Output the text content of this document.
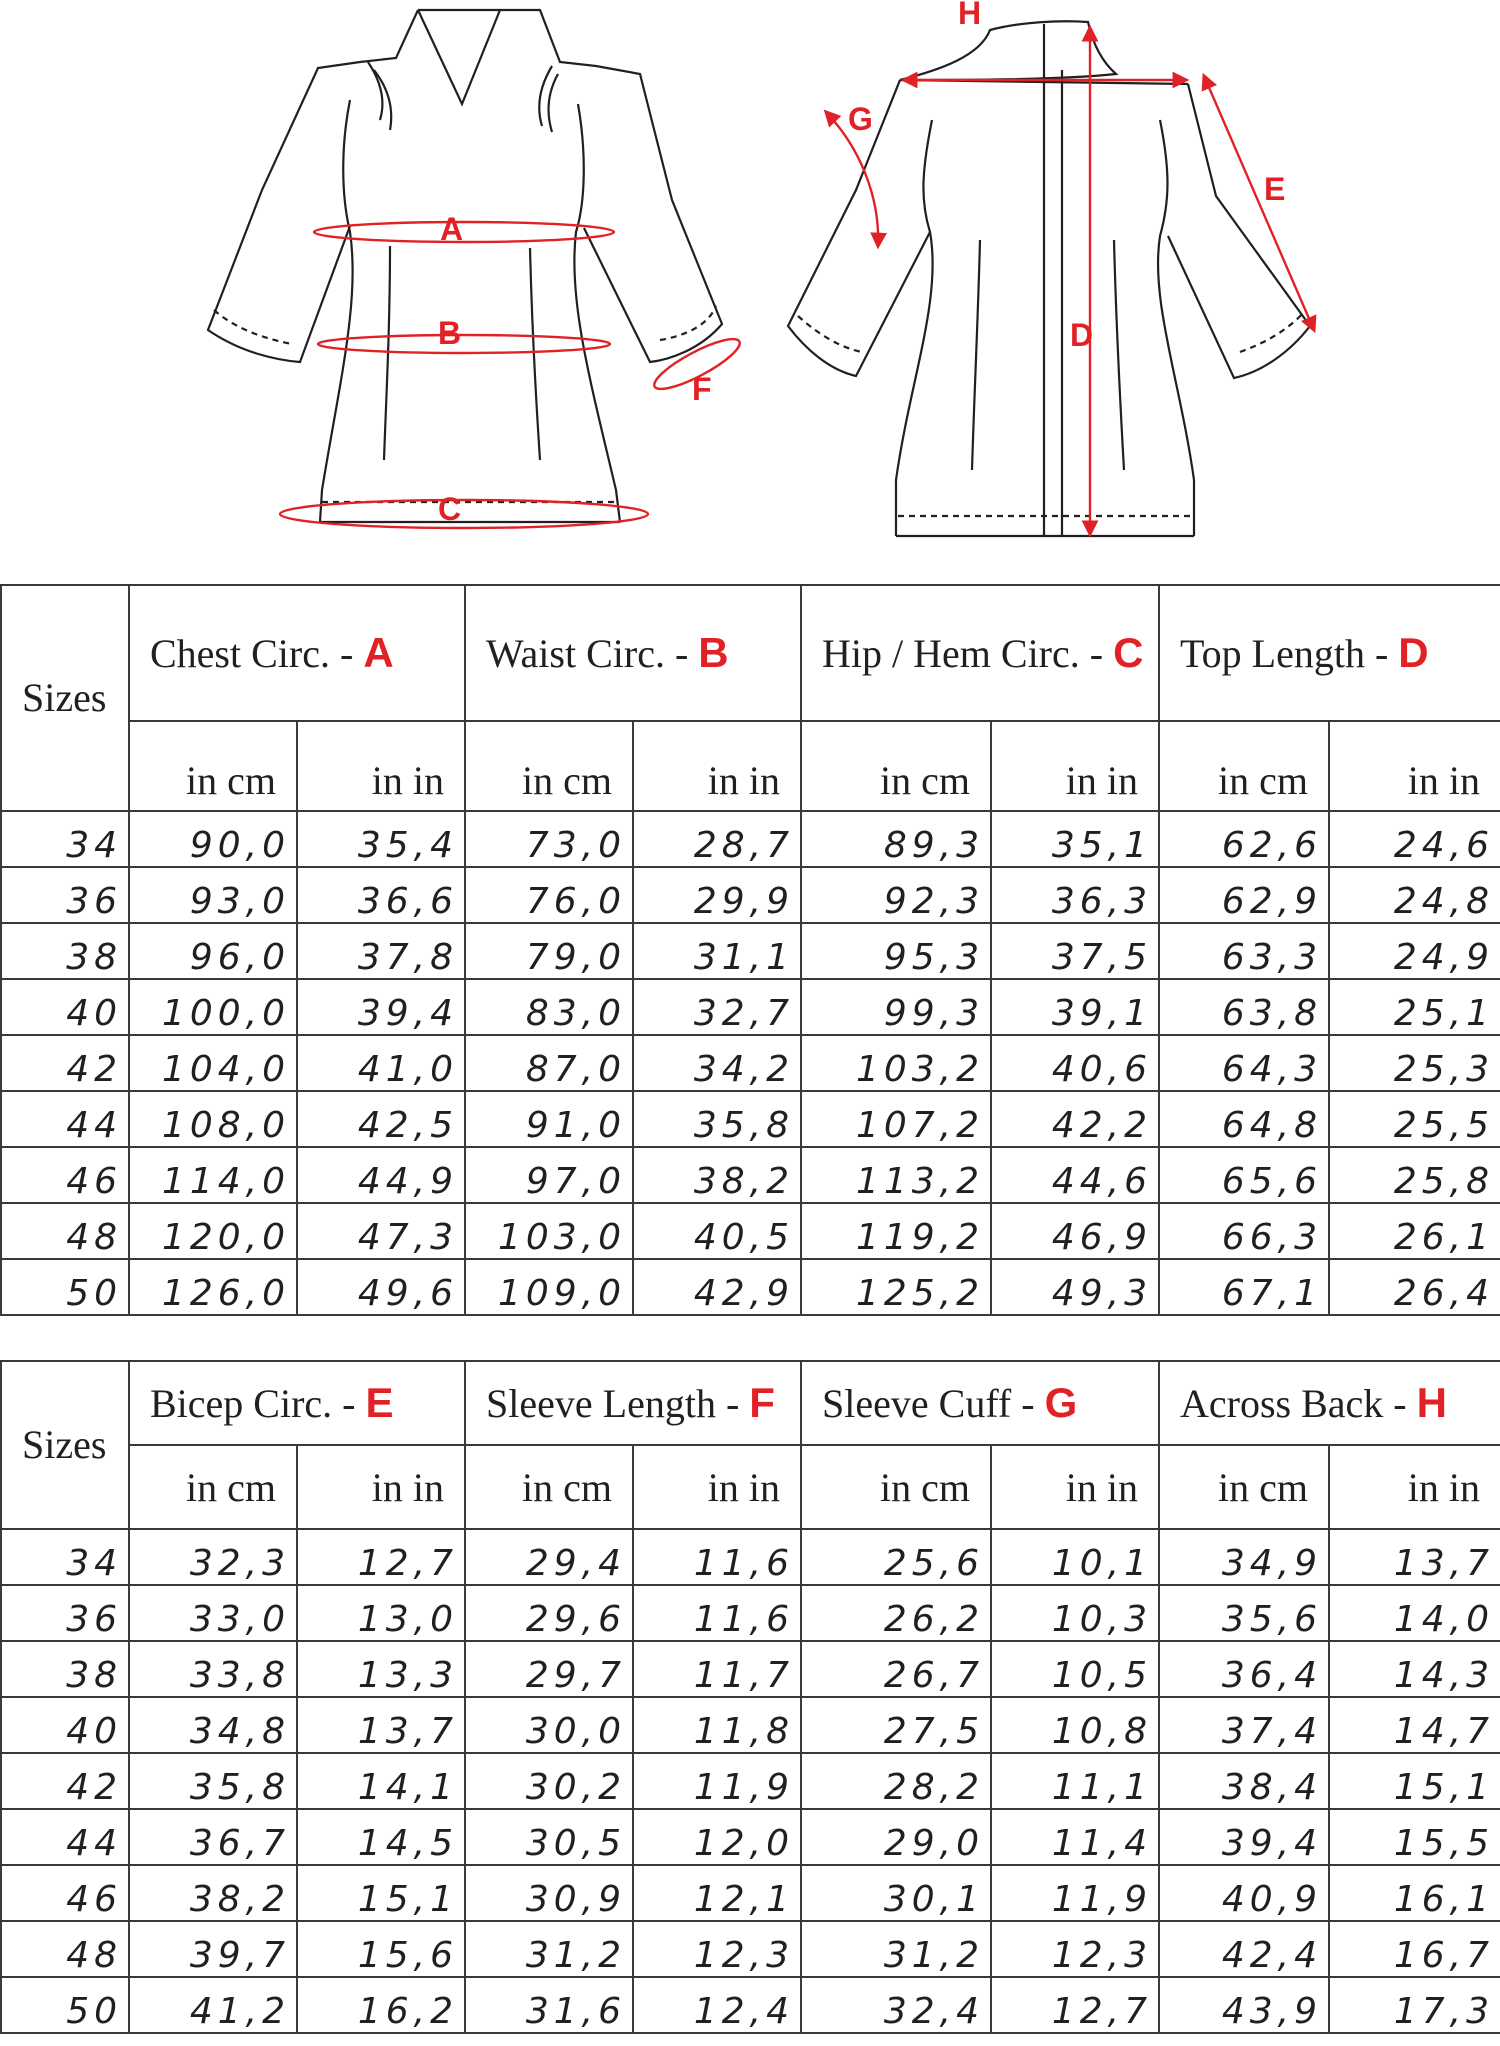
A
B
C
F
H
G
E
D
Sizes	Chest Circ. - A		Waist Circ. - B		Hip / Hem Circ. - C		Top Length - D	
	in cm	in in	in cm	in in	in cm	in in	in cm	in in
34	90,0	35,4	73,0	28,7	89,3	35,1	62,6	24,6
36	93,0	36,6	76,0	29,9	92,3	36,3	62,9	24,8
38	96,0	37,8	79,0	31,1	95,3	37,5	63,3	24,9
40	100,0	39,4	83,0	32,7	99,3	39,1	63,8	25,1
42	104,0	41,0	87,0	34,2	103,2	40,6	64,3	25,3
44	108,0	42,5	91,0	35,8	107,2	42,2	64,8	25,5
46	114,0	44,9	97,0	38,2	113,2	44,6	65,6	25,8
48	120,0	47,3	103,0	40,5	119,2	46,9	66,3	26,1
50	126,0	49,6	109,0	42,9	125,2	49,3	67,1	26,4
Sizes	Bicep Circ. - E		Sleeve Length - F		Sleeve Cuff - G		Across Back - H	
	in cm	in in	in cm	in in	in cm	in in	in cm	in in
34	32,3	12,7	29,4	11,6	25,6	10,1	34,9	13,7
36	33,0	13,0	29,6	11,6	26,2	10,3	35,6	14,0
38	33,8	13,3	29,7	11,7	26,7	10,5	36,4	14,3
40	34,8	13,7	30,0	11,8	27,5	10,8	37,4	14,7
42	35,8	14,1	30,2	11,9	28,2	11,1	38,4	15,1
44	36,7	14,5	30,5	12,0	29,0	11,4	39,4	15,5
46	38,2	15,1	30,9	12,1	30,1	11,9	40,9	16,1
48	39,7	15,6	31,2	12,3	31,2	12,3	42,4	16,7
50	41,2	16,2	31,6	12,4	32,4	12,7	43,9	17,3
